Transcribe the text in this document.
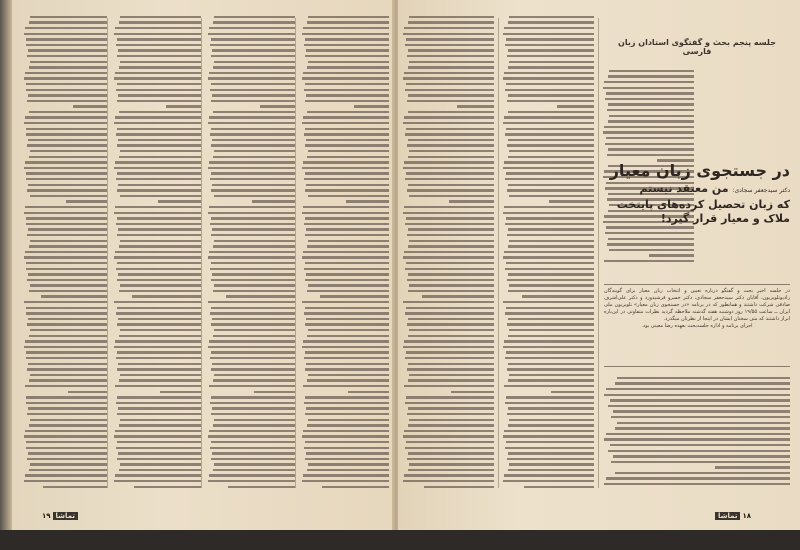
۱۹ تماشا	تماشا ۱۸
جلسه پنجم بحث و گفتگوی استادان زبان فارسی
در جستجوی زبان معیار
دکتر سیدجعفر سجادی: من معتقد نیستم
که زبان تحصیل کرده‌های پایتخت
ملاک و معیار قرار گیرد!
در جلسه اخیر بحث و گفتگو درباره تعیین و انتخاب زبان معیار برای گویندگان رادیوتلویزیون، آقایان دکتر سیدجعفر سجادی، دکتر خسرو فرشیدورد و دکتر علی‌اشرف صادقی شرکت داشتند و همانطور که در برنامه «در جستجوی زبان معیار» تلویزیون ملی ایران ــ ساعت ۱۹/۵۵ روز دوشنبه هفته گذشته ملاحظه گردید نظرات متفاوتی در این‌باره ابراز داشتند که متن سخنان ایشان در اینجا از نظرتان میگذرد.
اجرای برنامه و اداره جلسه‌بحث بعهده رضا معینی بود.
